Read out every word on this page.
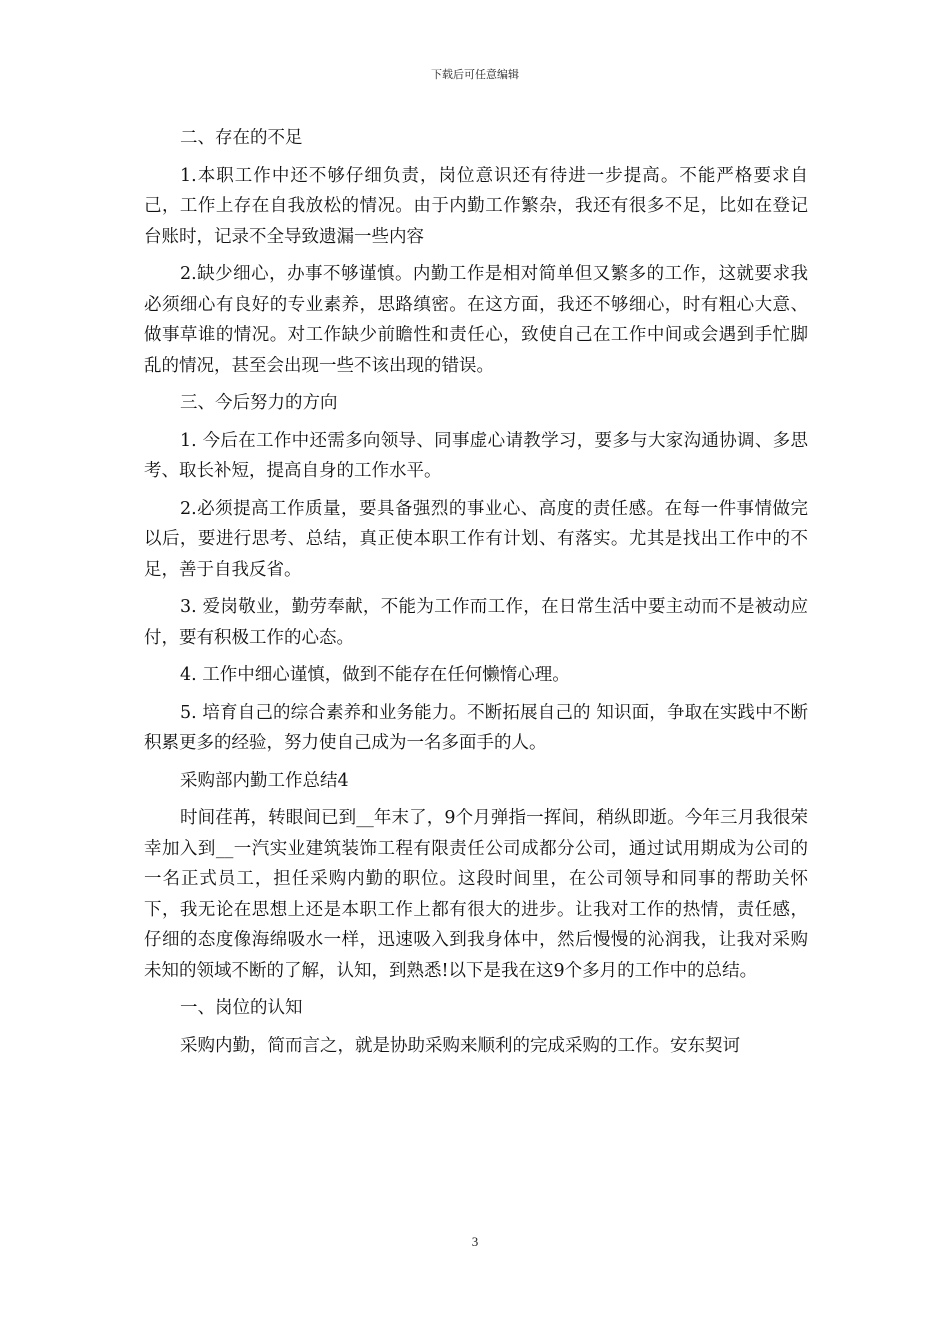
下载后可任意编辑

二、存在的不足

1.本职工作中还不够仔细负责，岗位意识还有待进一步提高。不能严格要求自己，工作上存在自我放松的情况。由于内勤工作繁杂，我还有很多不足，比如在登记台账时，记录不全导致遗漏一些内容

2.缺少细心，办事不够谨慎。内勤工作是相对简单但又繁多的工作，这就要求我必须细心有良好的专业素养，思路缜密。在这方面，我还不够细心，时有粗心大意、做事草谁的情况。对工作缺少前瞻性和责任心，致使自己在工作中间或会遇到手忙脚乱的情况，甚至会出现一些不该出现的错误。

三、今后努力的方向

1. 今后在工作中还需多向领导、同事虚心请教学习，要多与大家沟通协调、多思考、取长补短，提高自身的工作水平。

2.必须提高工作质量，要具备强烈的事业心、高度的责任感。在每一件事情做完以后，要进行思考、总结，真正使本职工作有计划、有落实。尤其是找出工作中的不足，善于自我反省。

3. 爱岗敬业，勤劳奉献，不能为工作而工作，在日常生活中要主动而不是被动应付，要有积极工作的心态。

4. 工作中细心谨慎，做到不能存在任何懒惰心理。

5. 培育自己的综合素养和业务能力。不断拓展自己的 知识面，争取在实践中不断积累更多的经验，努力使自己成为一名多面手的人。

采购部内勤工作总结4

时间荏苒，转眼间已到__年末了，9个月弹指一挥间，稍纵即逝。今年三月我很荣幸加入到__一汽实业建筑装饰工程有限责任公司成都分公司，通过试用期成为公司的一名正式员工，担任采购内勤的职位。这段时间里，在公司领导和同事的帮助关怀下，我无论在思想上还是本职工作上都有很大的进步。让我对工作的热情，责任感，仔细的态度像海绵吸水一样，迅速吸入到我身体中，然后慢慢的沁润我，让我对采购未知的领域不断的了解，认知，到熟悉!以下是我在这9个多月的工作中的总结。

一、岗位的认知

采购内勤，简而言之，就是协助采购来顺利的完成采购的工作。安东契诃

3
